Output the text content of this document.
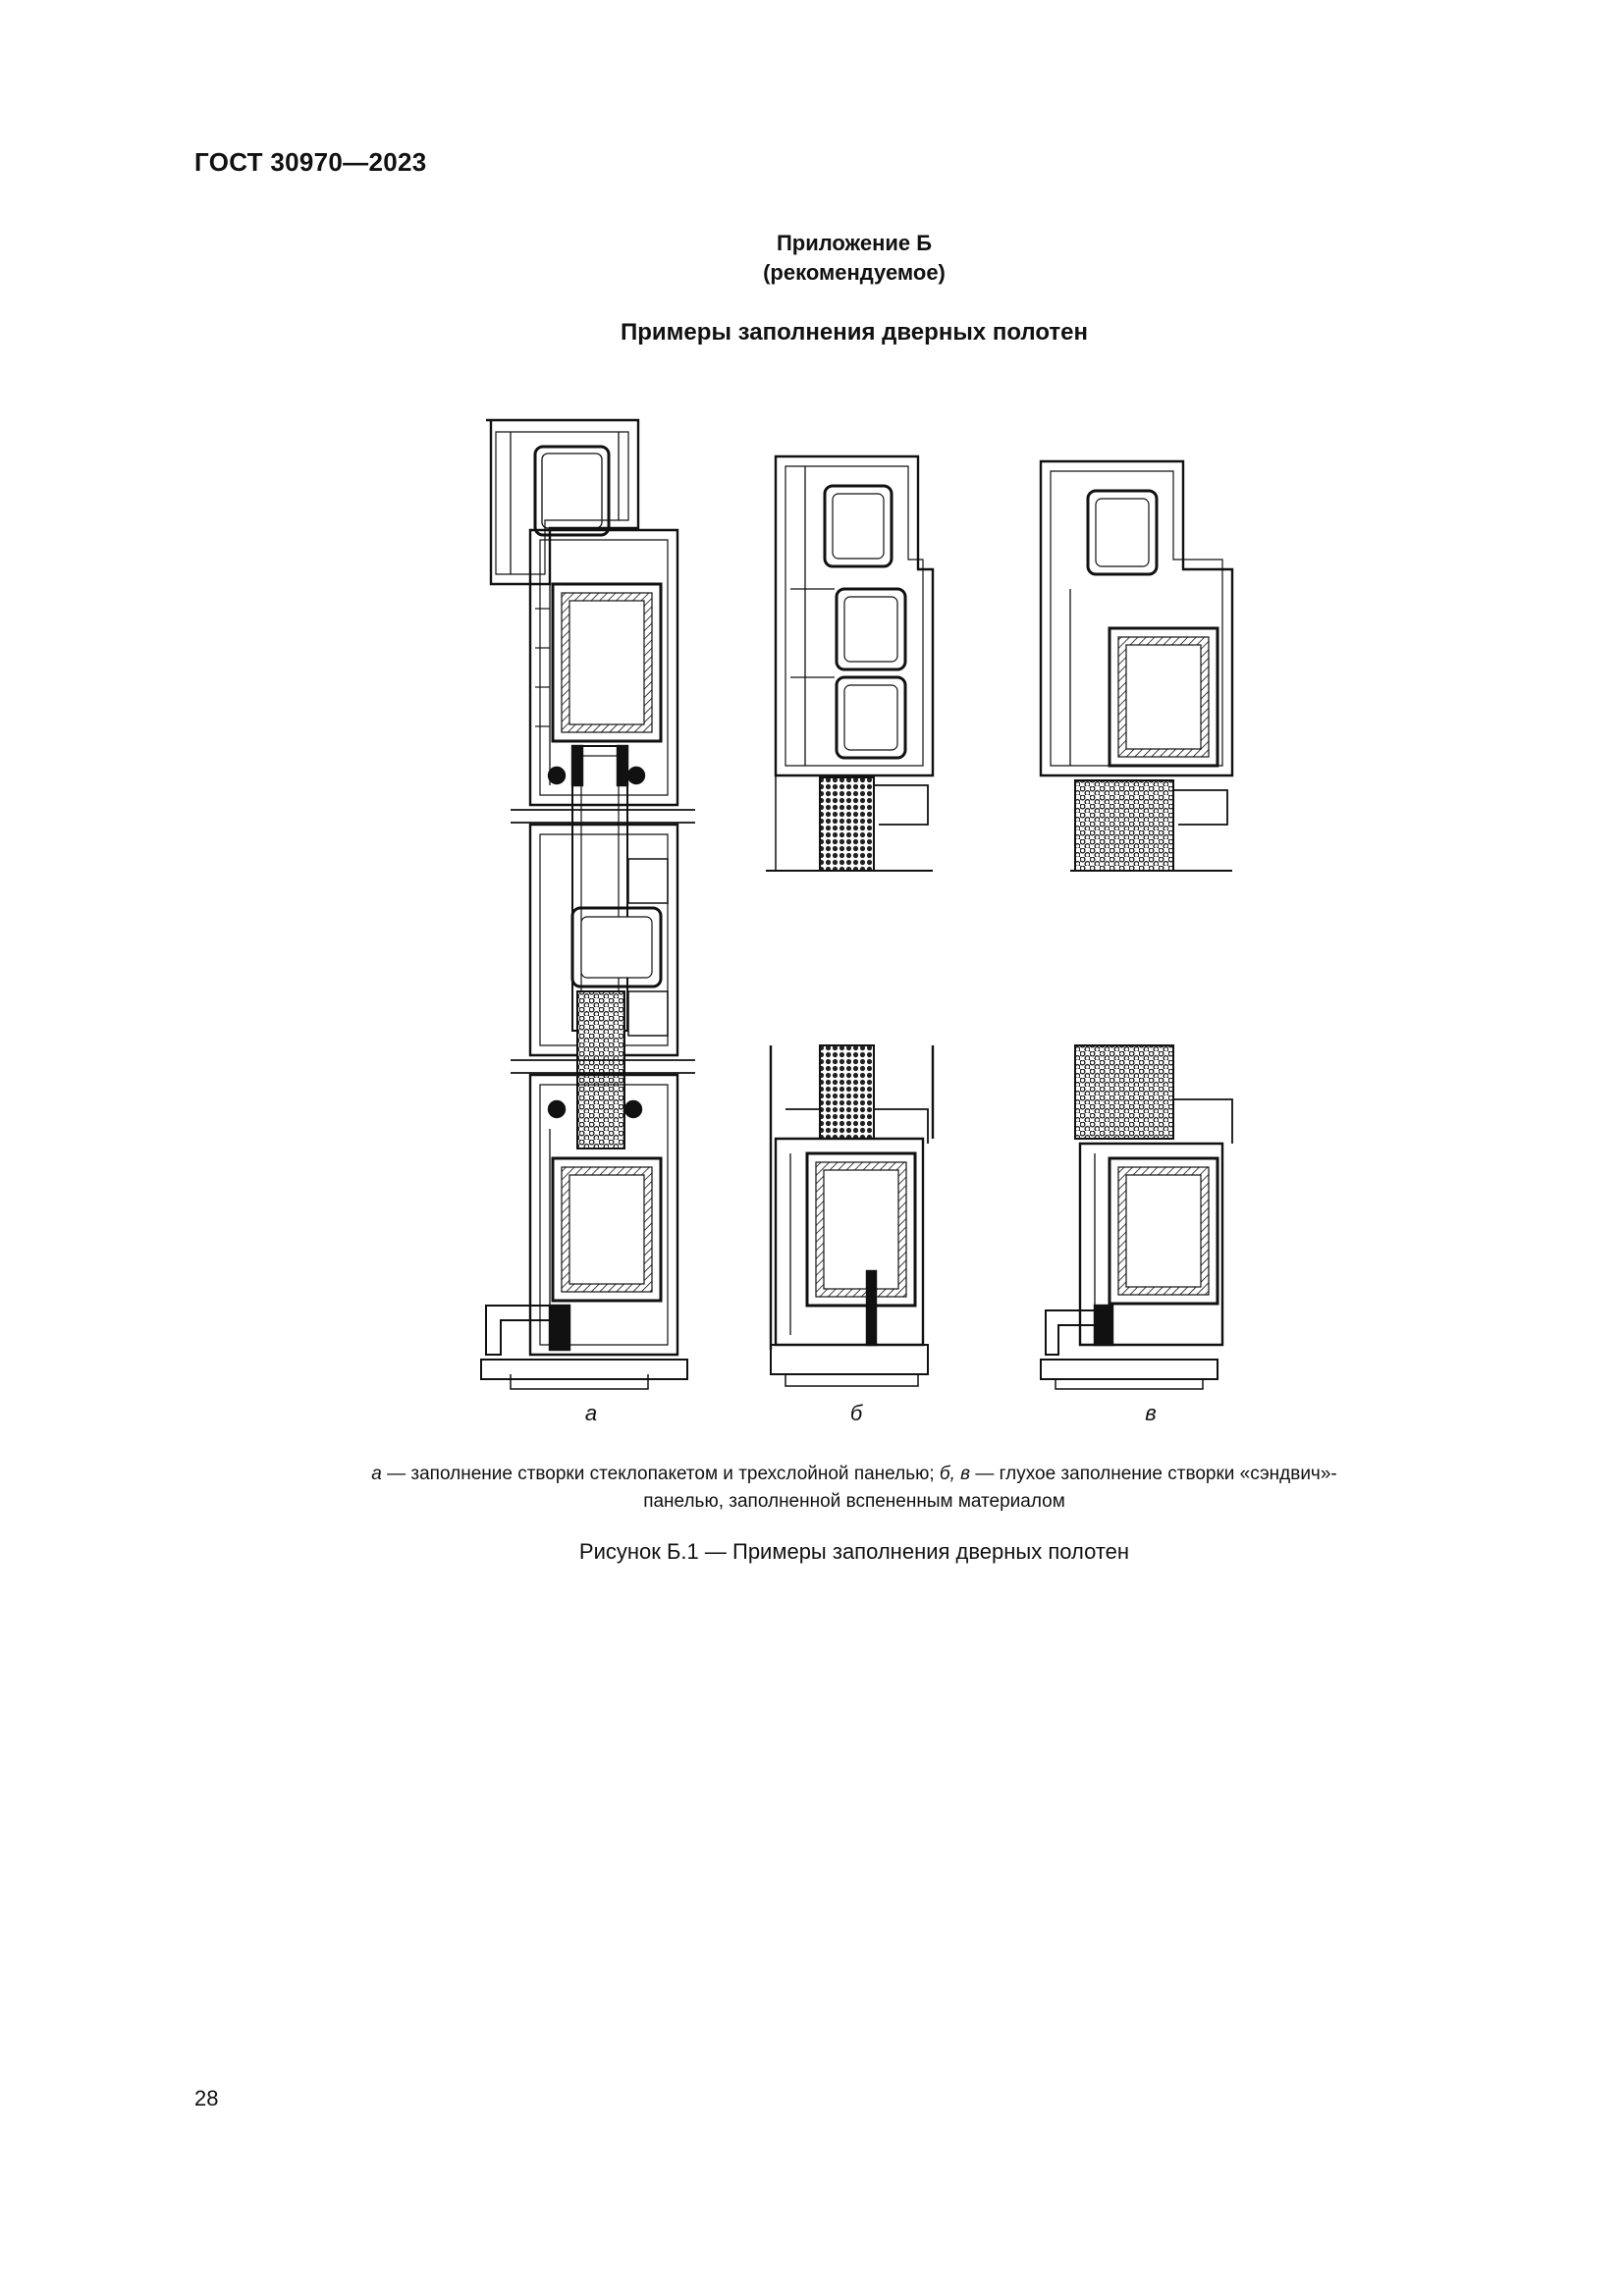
ГОСТ 30970—2023
Приложение Б
(рекомендуемое)
Примеры заполнения дверных полотен
а	б	в
а — заполнение створки стеклопакетом и трехслойной панелью; б, в — глухое заполнение створки «сэндвич»-панелью, заполненной вспененным материалом
Рисунок Б.1 — Примеры заполнения дверных полотен
28
